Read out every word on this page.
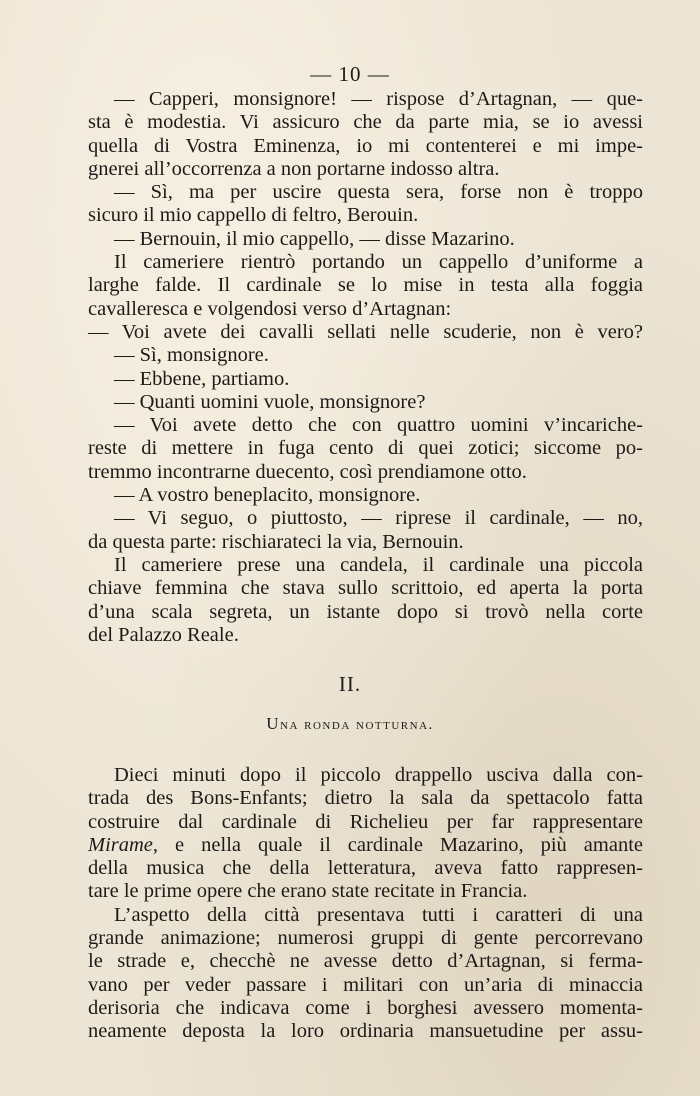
— 10 —
— Capperi, monsignore! — rispose d’Artagnan, — que-
sta è modestia. Vi assicuro che da parte mia, se io avessi
quella di Vostra Eminenza, io mi contenterei e mi impe-
gnerei all’occorrenza a non portarne indosso altra.
— Sì, ma per uscire questa sera, forse non è troppo
sicuro il mio cappello di feltro, Berouin.
— Bernouin, il mio cappello, — disse Mazarino.
Il cameriere rientrò portando un cappello d’uniforme a
larghe falde. Il cardinale se lo mise in testa alla foggia
cavalleresca e volgendosi verso d’Artagnan:
— Voi avete dei cavalli sellati nelle scuderie, non è vero?
— Sì, monsignore.
— Ebbene, partiamo.
— Quanti uomini vuole, monsignore?
— Voi avete detto che con quattro uomini v’incariche-
reste di mettere in fuga cento di quei zotici; siccome po-
tremmo incontrarne duecento, così prendiamone otto.
— A vostro beneplacito, monsignore.
— Vi seguo, o piuttosto, — riprese il cardinale, — no,
da questa parte: rischiarateci la via, Bernouin.
Il cameriere prese una candela, il cardinale una piccola
chiave femmina che stava sullo scrittoio, ed aperta la porta
d’una scala segreta, un istante dopo si trovò nella corte
del Palazzo Reale.
II.
Una ronda notturna.
Dieci minuti dopo il piccolo drappello usciva dalla con-
trada des Bons-Enfants; dietro la sala da spettacolo fatta
costruire dal cardinale di Richelieu per far rappresentare
Mirame, e nella quale il cardinale Mazarino, più amante
della musica che della letteratura, aveva fatto rappresen-
tare le prime opere che erano state recitate in Francia.
L’aspetto della città presentava tutti i caratteri di una
grande animazione; numerosi gruppi di gente percorrevano
le strade e, checchè ne avesse detto d’Artagnan, si ferma-
vano per veder passare i militari con un’aria di minaccia
derisoria che indicava come i borghesi avessero momenta-
neamente deposta la loro ordinaria mansuetudine per assu-
